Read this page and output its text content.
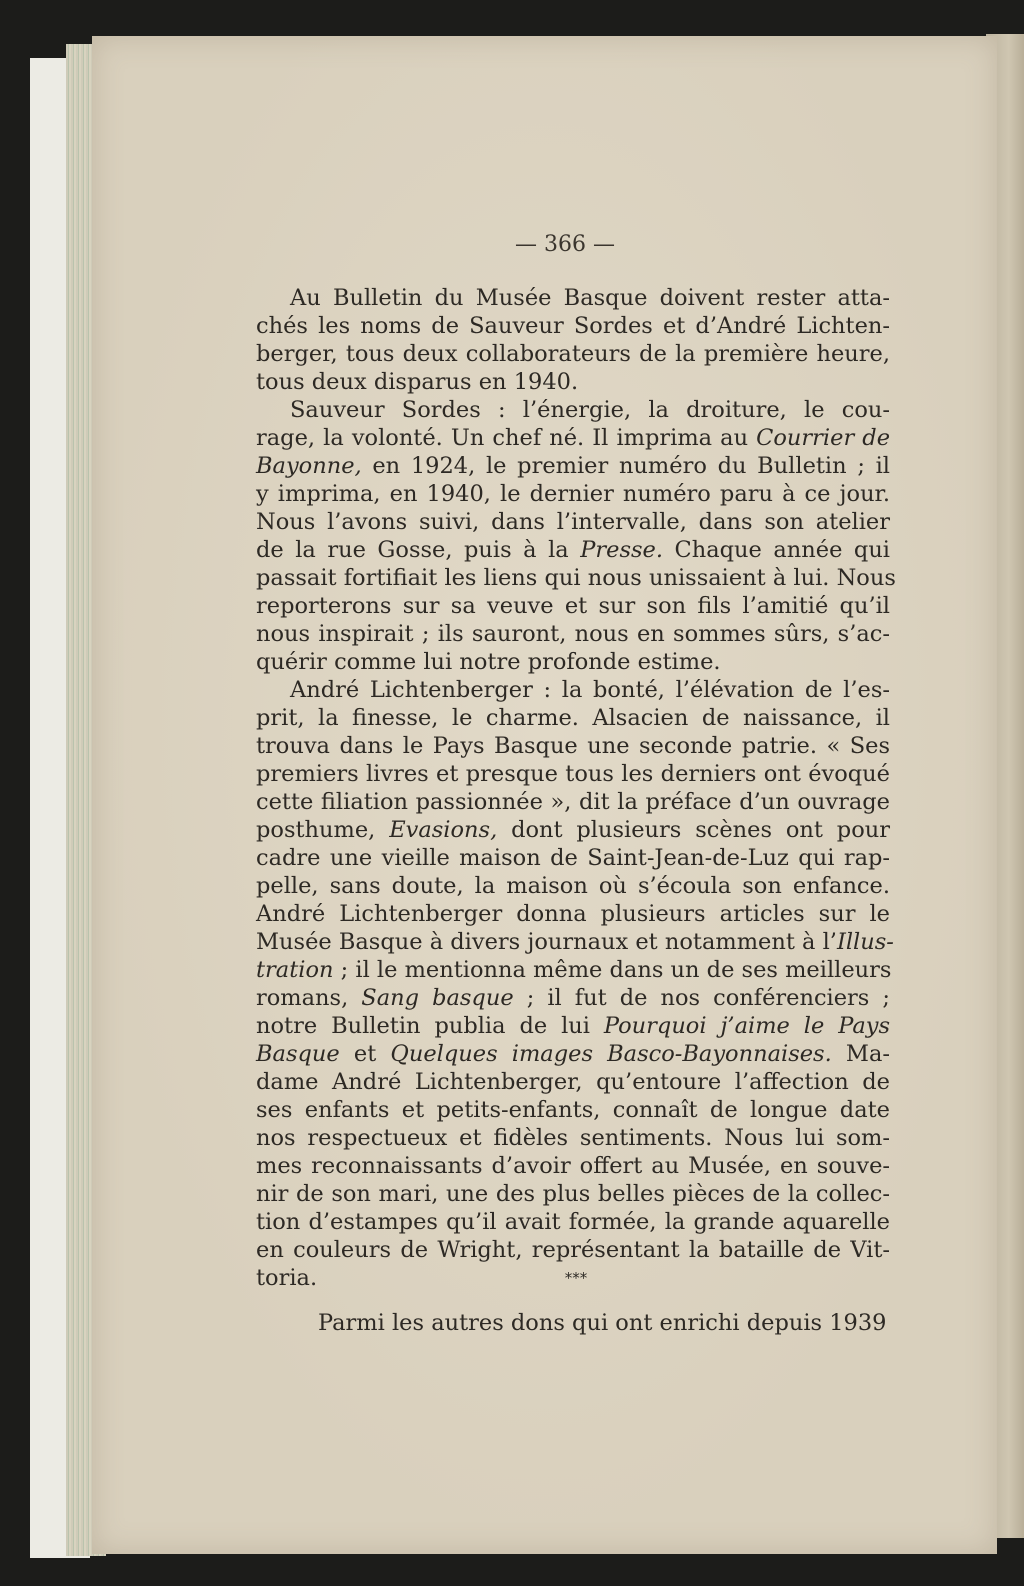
— 366 —
Au Bulletin du Musée Basque doivent rester atta-
chés les noms de Sauveur Sordes et d’André Lichten-
berger, tous deux collaborateurs de la première heure,
tous deux disparus en 1940.
Sauveur Sordes : l’énergie, la droiture, le cou-
rage, la volonté. Un chef né. Il imprima au Courrier de
Bayonne, en 1924, le premier numéro du Bulletin ; il
y imprima, en 1940, le dernier numéro paru à ce jour.
Nous l’avons suivi, dans l’intervalle, dans son atelier
de la rue Gosse, puis à la Presse. Chaque année qui
passait fortifiait les liens qui nous unissaient à lui. Nous
reporterons sur sa veuve et sur son fils l’amitié qu’il
nous inspirait ; ils sauront, nous en sommes sûrs, s’ac-
quérir comme lui notre profonde estime.
André Lichtenberger : la bonté, l’élévation de l’es-
prit, la finesse, le charme. Alsacien de naissance, il
trouva dans le Pays Basque une seconde patrie. « Ses
premiers livres et presque tous les derniers ont évoqué
cette filiation passionnée », dit la préface d’un ouvrage
posthume, Evasions, dont plusieurs scènes ont pour
cadre une vieille maison de Saint-Jean-de-Luz qui rap-
pelle, sans doute, la maison où s’écoula son enfance.
André Lichtenberger donna plusieurs articles sur le
Musée Basque à divers journaux et notamment à l’Illus-
tration ; il le mentionna même dans un de ses meilleurs
romans, Sang basque ; il fut de nos conférenciers ;
notre Bulletin publia de lui Pourquoi j’aime le Pays
Basque et Quelques images Basco-Bayonnaises. Ma-
dame André Lichtenberger, qu’entoure l’affection de
ses enfants et petits-enfants, connaît de longue date
nos respectueux et fidèles sentiments. Nous lui som-
mes reconnaissants d’avoir offert au Musée, en souve-
nir de son mari, une des plus belles pièces de la collec-
tion d’estampes qu’il avait formée, la grande aquarelle
en couleurs de Wright, représentant la bataille de Vit-
toria.	***
Parmi les autres dons qui ont enrichi depuis 1939
